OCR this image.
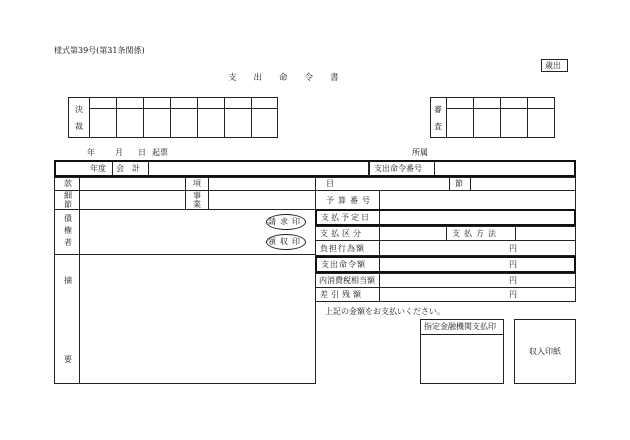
様式第39号(第31条関係)
歳出
支　　出　　命　　令　　書
決
裁
審
査
年	月 日 起票	所属
年度 会　計	支出命令番号
款	項	目	節
細
節
事
業
債
権
者
請求印
領収印
摘
要
予算番号
支払予定日
支払区分	支払方法
負担行為額	円
支出命令額	円
内消費税相当額	円
差引残額	円
上記の金額をお支払いください。
指定金融機関支払印
収入印紙
